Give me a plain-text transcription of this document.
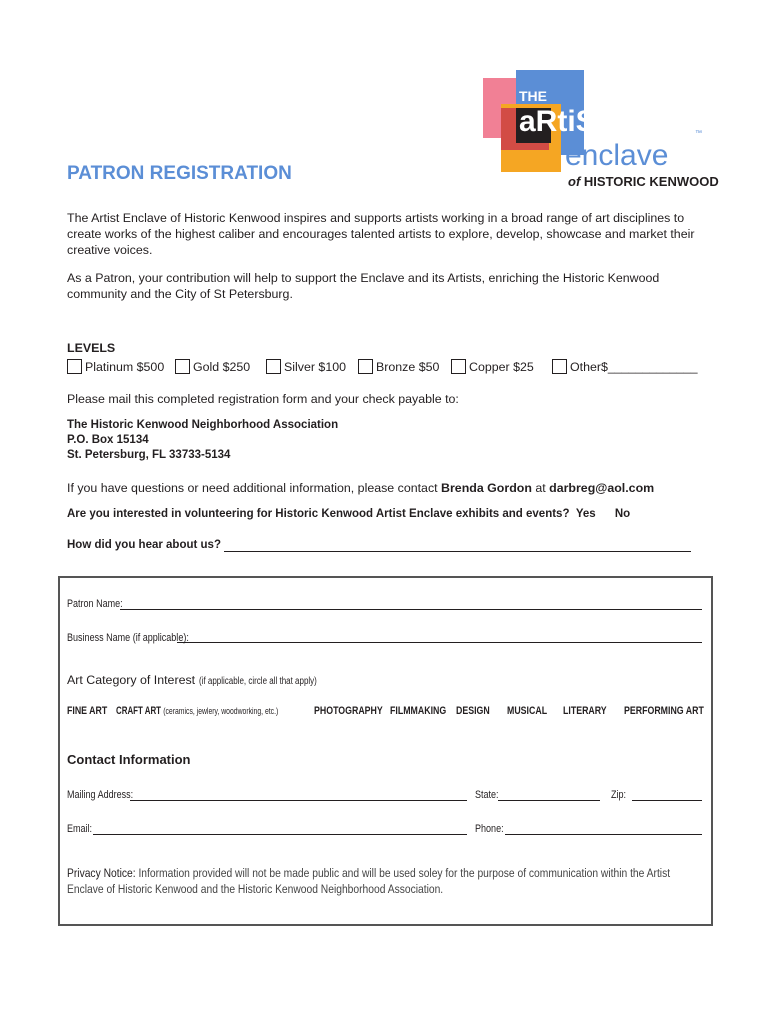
THE
aRtiSt
enclave
™
of HISTORIC KENWOOD
PATRON REGISTRATION
The Artist Enclave of Historic Kenwood inspires and supports artists working in a broad range of art disciplines to create works of the highest caliber and encourages talented artists to explore, develop, showcase and market their creative voices.
As a Patron, your contribution will help to support the Enclave and its Artists, enriching the Historic Kenwood community and the City of St Petersburg.
LEVELS
Platinum $500	Gold $250	Silver $100	Bronze $50	Copper $25	Other$_____________
Please mail this completed registration form and your check payable to:
The Historic Kenwood Neighborhood Association
P.O. Box 15134
St. Petersburg, FL 33733-5134
If you have questions or need additional information, please contact Brenda Gordon at darbreg@aol.com
Are you interested in volunteering for Historic Kenwood Artist Enclave exhibits and events? Yes No
How did you hear about us?
Patron Name:
Business Name (if applicable):
Art Category of Interest (if applicable, circle all that apply)
FINE ART CRAFT ART (ceramics, jewlery, woodworking, etc.)	PHOTOGRAPHY FILMMAKING DESIGN MUSICAL LITERARY PERFORMING ART
Contact Information
Mailing Address:	State:	Zip:
Email:	Phone:
Privacy Notice: Information provided will not be made public and will be used soley for the purpose of communication within the Artist Enclave of Historic Kenwood and the Historic Kenwood Neighborhood Association.
